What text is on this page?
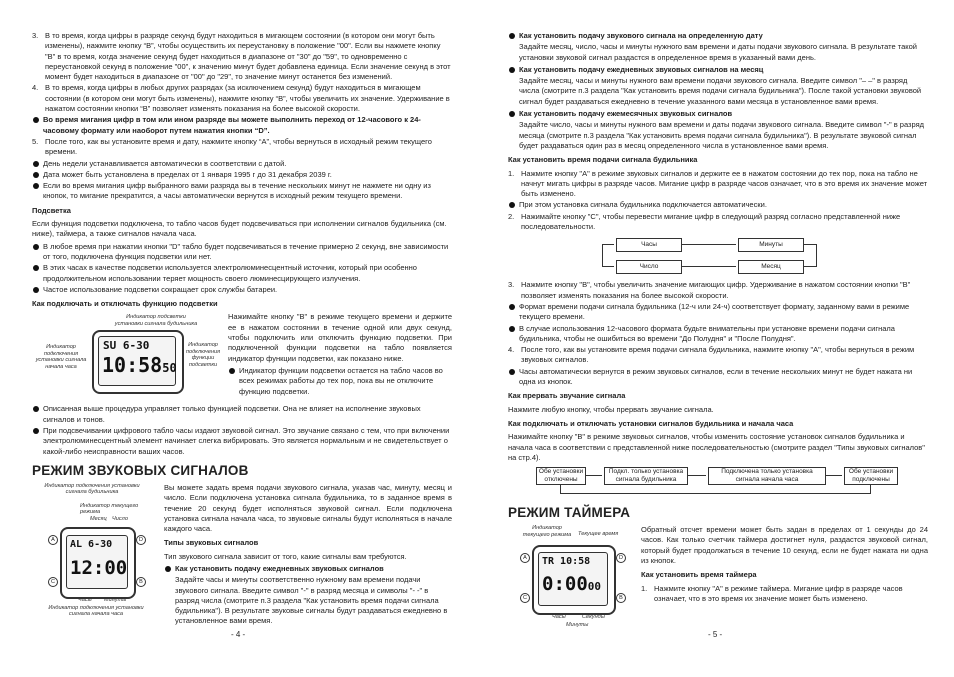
3. В то время, когда цифры в разряде секунд будут находиться в мигающем состоянии (в котором они могут быть изменены), нажмите кнопку “B”, чтобы осуществить их переустановку в положение "00". Если вы нажмете кнопку "B" в то время, когда значение секунд будет находиться в диапазоне от "30" до "59", то одновременно с переустановкой секунд в положение "00", к значению минут будет добавлена единица. Если значение секунд в этот момент будет находиться в диапазоне от "00" до "29", то значение минут останется без изменений.
4. В то время, когда цифры в любых других разрядах (за исключением секунд) будут находиться в мигающем состоянии (в котором они могут быть изменены), нажмите кнопку “B”, чтобы увеличить их значение. Удерживание в нажатом состоянии кнопки “B” позволяет изменять показания на более высокой скорости.
Во время мигания цифр в том или ином разряде вы можете выполнить переход от 12-часового к 24-часовому формату или наоборот путем нажатия кнопки “D”.
5. После того, как вы установите время и дату, нажмите кнопку “A”, чтобы вернуться в исходный режим текущего времени.
День недели устанавливается автоматически в соответствии с датой.
Дата может быть установлена в пределах от 1 января 1995 г до 31 декабря 2039 г.
Если во время мигания цифр выбранного вами разряда вы в течение нескольких минут не нажмете ни одну из кнопок, то мигание прекратится, а часы автоматически вернутся в исходный режим текущего времени.
Подсветка

Если функция подсветки подключена, то табло часов будет подсвечиваться при исполнении сигналов будильника (см. ниже), таймера, а также сигналов начала часа.

В любое время при нажатии кнопки "D" табло будет подсвечиваться в течение примерно 2 секунд, вне зависимости от того, подключена функция подсветки или нет.
В этих часах в качестве подсветки используется электролюминесцентный источник, который при особенно продолжительном использовании теряет мощность своего люминесцирующего излучения.
Частое использование подсветки сокращает срок службы батареи.
Как подключать и отключать функцию подсветки

Нажимайте кнопку "B" в режиме текущего времени и держите ее в нажатом состоянии в течение одной или двух секунд, чтобы подключить или отключить функцию подсветки. При подключенной функции подсветки на табло появляется индикатор функции подсветки, как показано ниже.

Индикатор функции подсветки остается на табло часов во всех режимах работы до тех пор, пока вы не отключите функцию подсветки.
Индикатор подсветки установки сигнала будильника
SU 6-30
10:5850
Индикатор подключения установки сигнала начала часа
Индикатор подключения функции подсветки
Описанная выше процедура управляет только функцией подсветки. Она не влияет на исполнение звуковых сигналов и тонов.
При подсвечивании цифрового табло часы издают звуковой сигнал. Это звучание связано с тем, что при включении электролюминесцентный элемент начинает слегка вибрировать. Это является нормальным и не свидетельствует о какой-либо неисправности ваших часов.
РЕЖИМ ЗВУКОВЫХ СИГНАЛОВ
Индикатор подключения установки сигнала будильника
Индикатор текущего режима
Месяц Число
AL 6-30
12:00
A	D
C	B
Часы Минуты
Индикатор подключения установки сигнала начала часа

Вы можете задать время подачи звукового сигнала, указав час, минуту, месяц и число. Если подключена установка сигнала будильника, то в заданное время в течение 20 секунд будет исполняться звуковой сигнал. Если подключена установка сигнала начала часа, то звуковые сигналы будут исполняться в начале каждого часа.

Типы звуковых сигналов

Тип звукового сигнала зависит от того, какие сигналы вам требуются.

Как установить подачу ежедневных звуковых сигналов

Задайте часы и минуты соответственно нужному вам времени подачи звукового сигнала. Введите символ "-" в разряд месяца и символы "- -" в разряд числа (смотрите п.3 раздела "Как установить время подачи сигнала будильника"). В результате звуковые сигналы будут раздаваться ежедневно в установленное вами время.

- 4 -
Как установить подачу звукового сигнала на определенную дату

Задайте месяц, число, часы и минуты нужного вам времени и даты подачи звукового сигнала. В результате такой установки звуковой сигнал раздастся в определенное время в указанный вами день.

Как установить подачу ежедневных звуковых сигналов на месяц

Задайте месяц, часы и минуты нужного вам времени подачи звукового сигнала. Введите символ "– –" в разряд числа (смотрите п.3 раздела "Как установить время подачи сигнала будильника"). После такой установки звуковой сигнал будет раздаваться ежедневно в течение указанного вами месяца в установленное вами время.

Как установить подачу ежемесячных звуковых сигналов

Задайте число, часы и минуты нужного вам времени и даты подачи звукового сигнала. Введите символ "-" в разряд месяца (смотрите п.3 раздела "Как установить время подачи сигнала будильника"). В результате звуковой сигнал будет раздаваться один раз в месяц определенного числа в установленное вами время.

Как установить время подачи сигнала будильника
1. Нажмите кнопку "A" в режиме звуковых сигналов и держите ее в нажатом состоянии до тех пор, пока на табло не начнут мигать цифры в разряде часов. Мигание цифр в разряде часов означает, что в это время их значение может быть изменено.
При этом установка сигнала будильника подключается автоматически.
2. Нажимайте кнопку "C", чтобы перевести мигание цифр в следующий разряд согласно представленной ниже последовательности.
Часы	Минуты
Число	Месяц
3. Нажмите кнопку "B", чтобы увеличить значение мигающих цифр. Удерживание в нажатом состоянии кнопки "B" позволяет изменять показания на более высокой скорости.
Формат времени подачи сигнала будильника (12-ч или 24-ч) соответствует формату, заданному вами в режиме текущего времени.
В случае использования 12-часового формата будьте внимательны при установке времени подачи сигнала будильника, чтобы не ошибиться во времени "До Полудня" и "После Полудня".
4. После того, как вы установите время подачи сигнала будильника, нажмите кнопку "A", чтобы вернуться в режим звуковых сигналов.
Часы автоматически вернутся в режим звуковых сигналов, если в течение нескольких минут не будет нажата ни одна из кнопок.
Как прервать звучание сигнала

Нажмите любую кнопку, чтобы прервать звучание сигнала.

Как подключать и отключать установки сигналов будильника и начала часа

Нажимайте кнопку "B" в режиме звуковых сигналов, чтобы изменить состояние установок сигналов будильника и начала часа в соответствии с представленной ниже последовательностью (смотрите раздел "Типы звуковых сигналов" на стр.4).

Обе установки отключены
Подкл. только установка сигнала будильника
Подключена только установка сигнала начала часа
Обе установки подключены
РЕЖИМ ТАЙМЕРА
Индикатор текущего режима Текущее время
TR 10:58
0:0000
A	D
C	B
Часы	Секунды
Минуты

Обратный отсчет времени может быть задан в пределах от 1 секунды до 24 часов. Как только счетчик таймера достигнет нуля, раздастся звуковой сигнал, который будет продолжаться в течение 10 секунд, если не будет нажата ни одна из кнопок.

Как установить время таймера
1. Нажмите кнопку "A" в режиме таймера. Мигание цифр в разряде часов означает, что в это время их значение может быть изменено.
- 5 -
